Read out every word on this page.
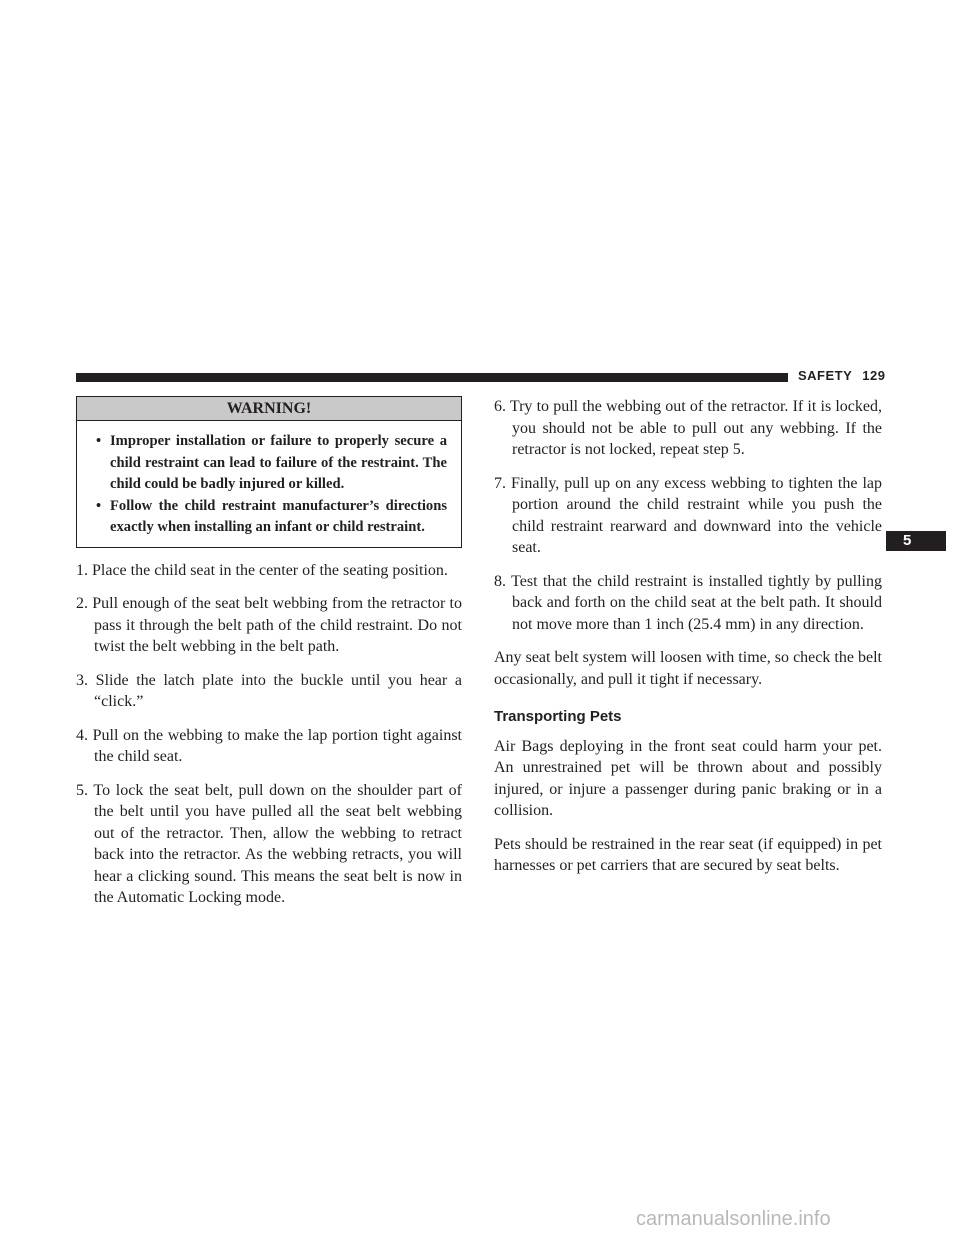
SAFETY 129
WARNING!
• Improper installation or failure to properly secure a child restraint can lead to failure of the restraint. The child could be badly injured or killed.
• Follow the child restraint manufacturer’s directions exactly when installing an infant or child restraint.
1. Place the child seat in the center of the seating position.
2. Pull enough of the seat belt webbing from the retractor to pass it through the belt path of the child restraint. Do not twist the belt webbing in the belt path.
3. Slide the latch plate into the buckle until you hear a “click.”
4. Pull on the webbing to make the lap portion tight against the child seat.
5. To lock the seat belt, pull down on the shoulder part of the belt until you have pulled all the seat belt webbing out of the retractor. Then, allow the webbing to retract back into the retractor. As the webbing retracts, you will hear a clicking sound. This means the seat belt is now in the Automatic Locking mode.
6. Try to pull the webbing out of the retractor. If it is locked, you should not be able to pull out any webbing. If the retractor is not locked, repeat step 5.
7. Finally, pull up on any excess webbing to tighten the lap portion around the child restraint while you push the child restraint rearward and downward into the vehicle seat.
8. Test that the child restraint is installed tightly by pulling back and forth on the child seat at the belt path. It should not move more than 1 inch (25.4 mm) in any direction.

Any seat belt system will loosen with time, so check the belt occasionally, and pull it tight if necessary.

Transporting Pets

Air Bags deploying in the front seat could harm your pet. An unrestrained pet will be thrown about and possibly injured, or injure a passenger during panic braking or in a collision.

Pets should be restrained in the rear seat (if equipped) in pet harnesses or pet carriers that are secured by seat belts.

5
carmanualsonline.info
